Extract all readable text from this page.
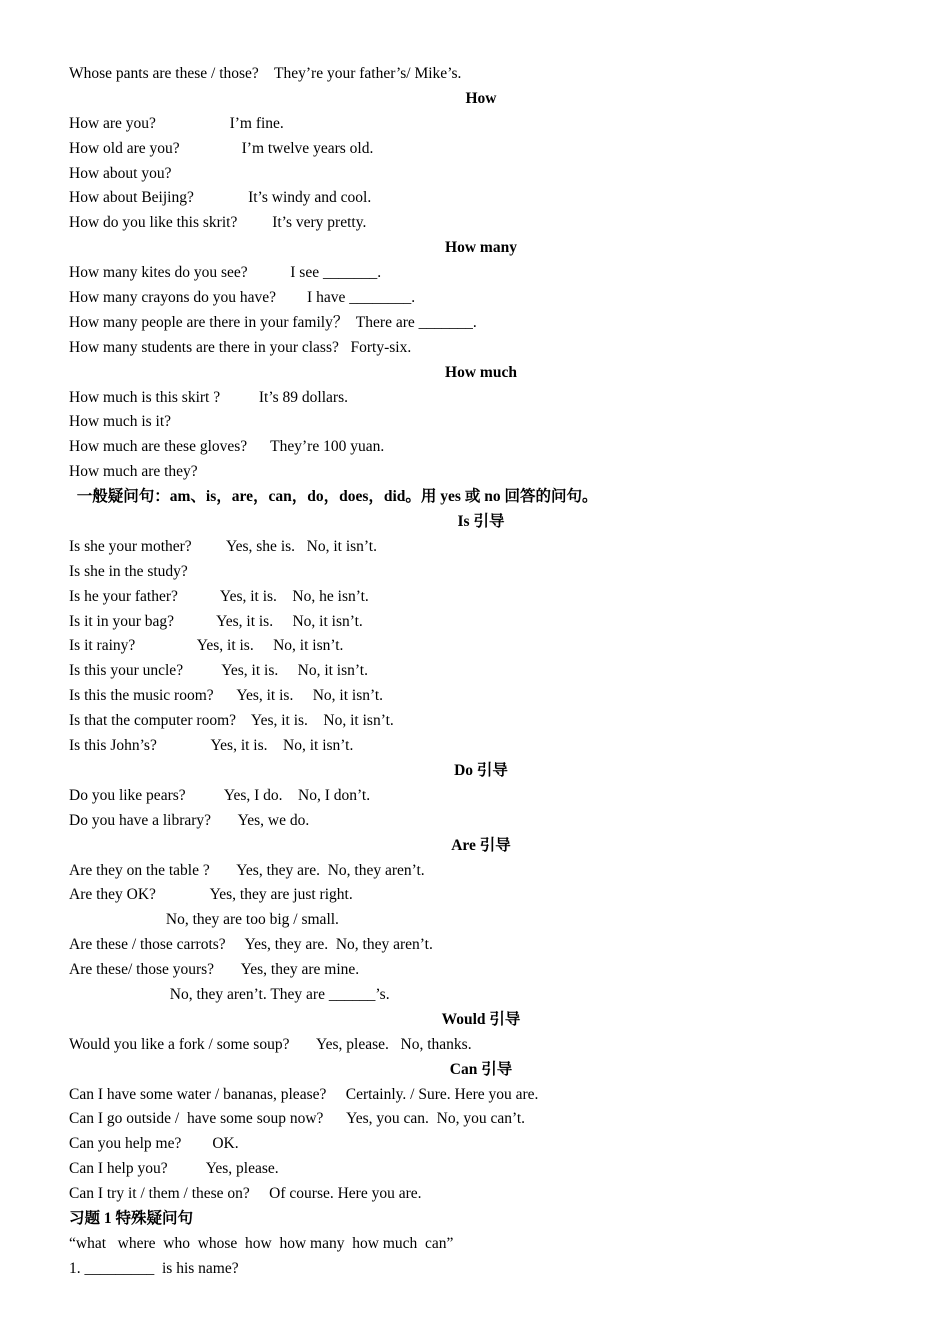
Whose pants are these / those?    They’re your father’s/ Mike’s.
How
How are you?                   I’m fine.
How old are you?                I’m twelve years old.
How about you?
How about Beijing?              It’s windy and cool.
How do you like this skrit?         It’s very pretty.
How many
How many kites do you see?           I see _______.
How many crayons do you have?        I have ________.
How many people are there in your family？  There are _______.
How many students are there in your class?   Forty-six.
How much
How much is this skirt ?          It’s 89 dollars.
How much is it?
How much are these gloves?      They’re 100 yuan.
How much are they?
一般疑问句：am、is，are，can，do，does，did。用 yes 或 no 回答的问句。
Is 引导
Is she your mother?         Yes, she is.   No, it isn’t.
Is she in the study?
Is he your father?           Yes, it is.    No, he isn’t.
Is it in your bag?           Yes, it is.     No, it isn’t.
Is it rainy?                Yes, it is.     No, it isn’t.
Is this your uncle?          Yes, it is.     No, it isn’t.
Is this the music room?      Yes, it is.     No, it isn’t.
Is that the computer room?    Yes, it is.    No, it isn’t.
Is this John’s?              Yes, it is.    No, it isn’t.
Do 引导
Do you like pears?          Yes, I do.    No, I don’t.
Do you have a library?       Yes, we do.
Are 引导
Are they on the table ?       Yes, they are.  No, they aren’t.
Are they OK?              Yes, they are just right.
No, they are too big / small.
Are these / those carrots?     Yes, they are.  No, they aren’t.
Are these/ those yours?       Yes, they are mine.
No, they aren’t. They are ______’s.
Would 引导
Would you like a fork / some soup?       Yes, please.   No, thanks.
Can 引导
Can I have some water / bananas, please?     Certainly. / Sure. Here you are.
Can I go outside /  have some soup now?      Yes, you can.  No, you can’t.
Can you help me?        OK.
Can I help you?          Yes, please.
Can I try it / them / these on?     Of course. Here you are.
习题 1 特殊疑问句
“what   where  who  whose  how  how many  how much  can”
1. _________  is his name?
